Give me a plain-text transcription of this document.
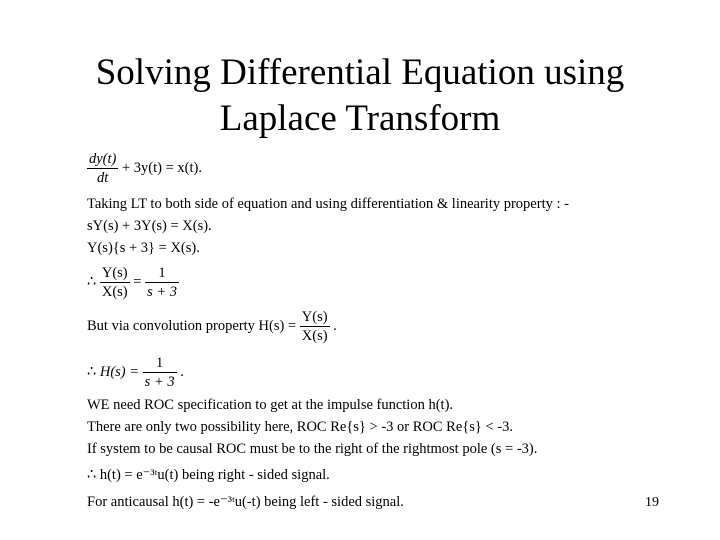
Solving Differential Equation using
Laplace Transform
$\frac{dy(t)}{dt} + 3y(t) = x(t)$.
Taking LT to both side of equation and using differentiation & linearity property : -
sY(s) + 3Y(s) = X(s).
Y(s){s + 3} = X(s).
∴ $\frac{Y(s)}{X(s)} = \frac{1}{s + 3}$
But via convolution property $H(s) = \frac{Y(s)}{X(s)}$ .
∴ $H(s) = \frac{1}{s + 3}$ .
WE need ROC specification to get at the impulse function h(t).
There are only two possibility here, ROC Re{s} > -3 or ROC Re{s} < -3.
If system to be causal ROC must be to the right of the rightmost pole (s = -3).
∴ h(t) = e⁻³ᵗu(t) being right - sided signal.
For anticausal h(t) = -e⁻³ᵗu(-t) being left - sided signal.	19
